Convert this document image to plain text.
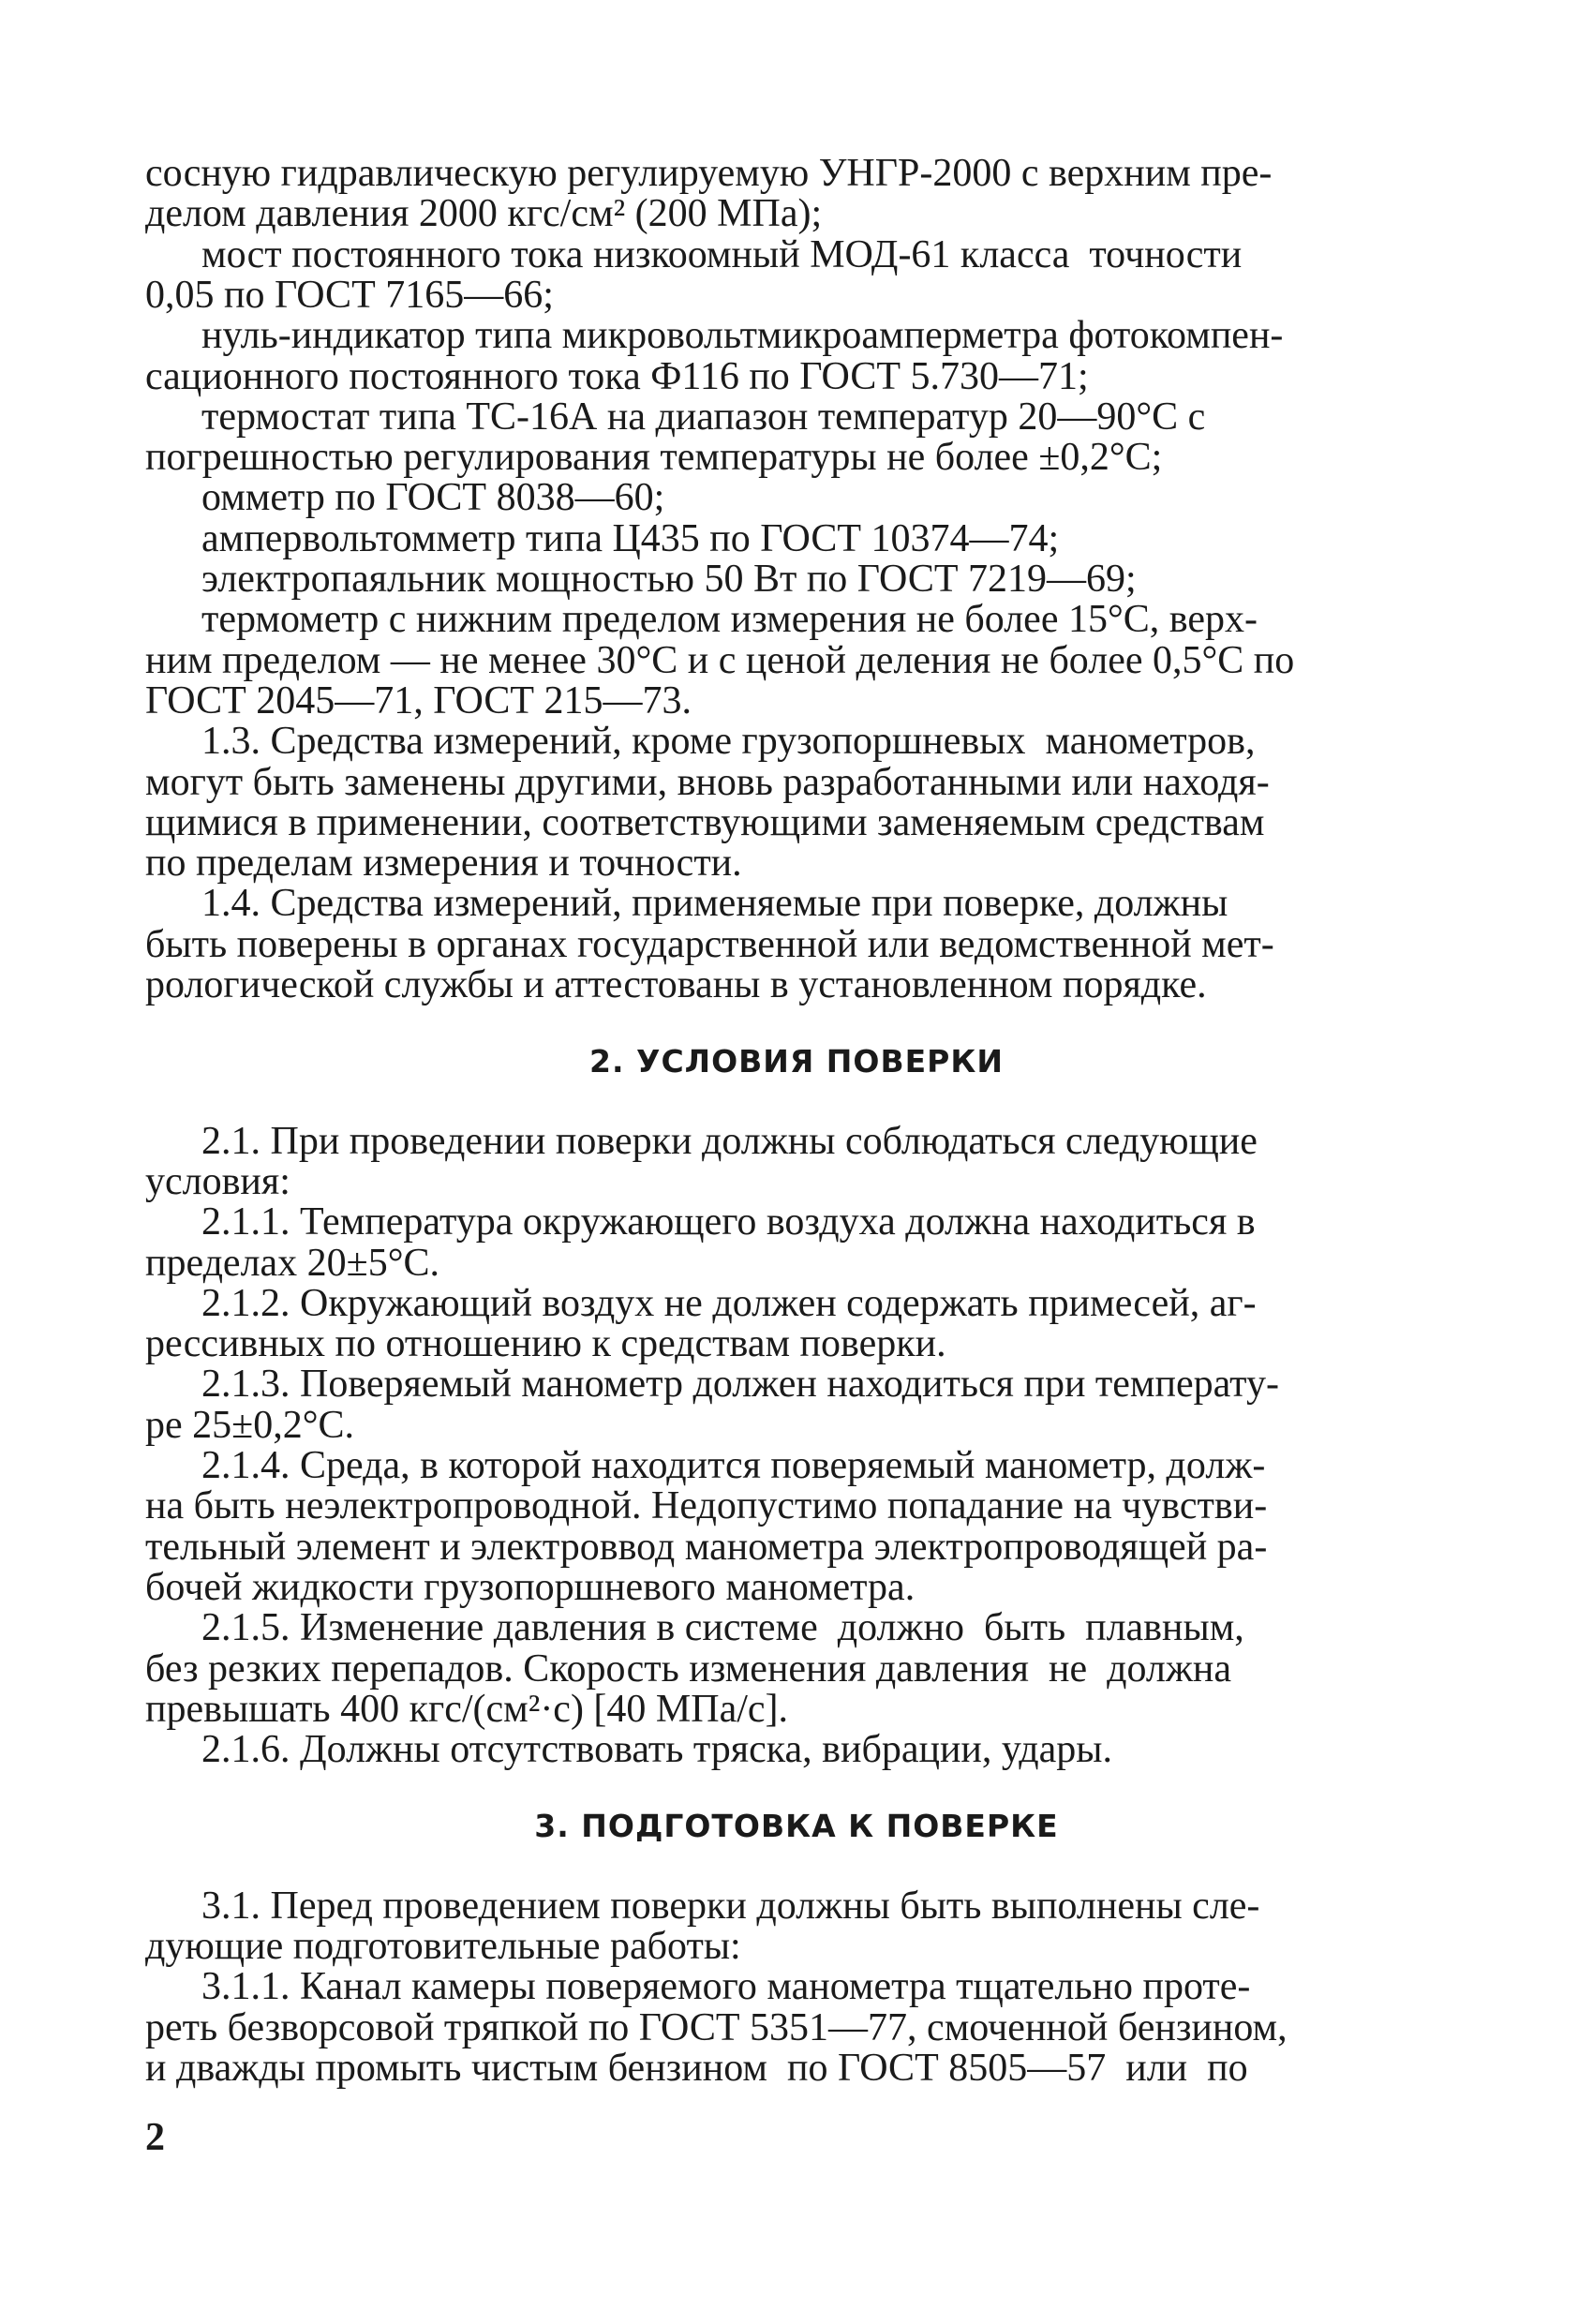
сосную гидравлическую регулируемую УНГР-2000 с верхним пре-
делом давления 2000 кгс/см² (200 МПа);
мост постоянного тока низкоомный МОД-61 класса  точности
0,05 по ГОСТ 7165—66;
нуль-индикатор типа микровольтмикроамперметра фотокомпен-
сационного постоянного тока Ф116 по ГОСТ 5.730—71;
термостат типа ТС-16А на диапазон температур 20—90°С с
погрешностью регулирования температуры не более ±0,2°С;
омметр по ГОСТ 8038—60;
ампервольтомметр типа Ц435 по ГОСТ 10374—74;
электропаяльник мощностью 50 Вт по ГОСТ 7219—69;
термометр с нижним пределом измерения не более 15°С, верх-
ним пределом — не менее 30°С и с ценой деления не более 0,5°С по
ГОСТ 2045—71, ГОСТ 215—73.
1.3. Средства измерений, кроме грузопоршневых  манометров,
могут быть заменены другими, вновь разработанными или находя-
щимися в применении, соответствующими заменяемым средствам
по пределам измерения и точности.
1.4. Средства измерений, применяемые при поверке, должны
быть поверены в органах государственной или ведомственной мет-
рологической службы и аттестованы в установленном порядке.
2. УСЛОВИЯ ПОВЕРКИ
2.1. При проведении поверки должны соблюдаться следующие
условия:
2.1.1. Температура окружающего воздуха должна находиться в
пределах 20±5°С.
2.1.2. Окружающий воздух не должен содержать примесей, аг-
рессивных по отношению к средствам поверки.
2.1.3. Поверяемый манометр должен находиться при температу-
ре 25±0,2°С.
2.1.4. Среда, в которой находится поверяемый манометр, долж-
на быть неэлектропроводной. Недопустимо попадание на чувстви-
тельный элемент и электроввод манометра электропроводящей ра-
бочей жидкости грузопоршневого манометра.
2.1.5. Изменение давления в системе  должно  быть  плавным,
без резких перепадов. Скорость изменения давления  не  должна
превышать 400 кгс/(см²·с) [40 МПа/с].
2.1.6. Должны отсутствовать тряска, вибрации, удары.
3. ПОДГОТОВКА К ПОВЕРКЕ
3.1. Перед проведением поверки должны быть выполнены сле-
дующие подготовительные работы:
3.1.1. Канал камеры поверяемого манометра тщательно проте-
реть безворсовой тряпкой по ГОСТ 5351—77, смоченной бензином,
и дважды промыть чистым бензином  по ГОСТ 8505—57  или  по
2
